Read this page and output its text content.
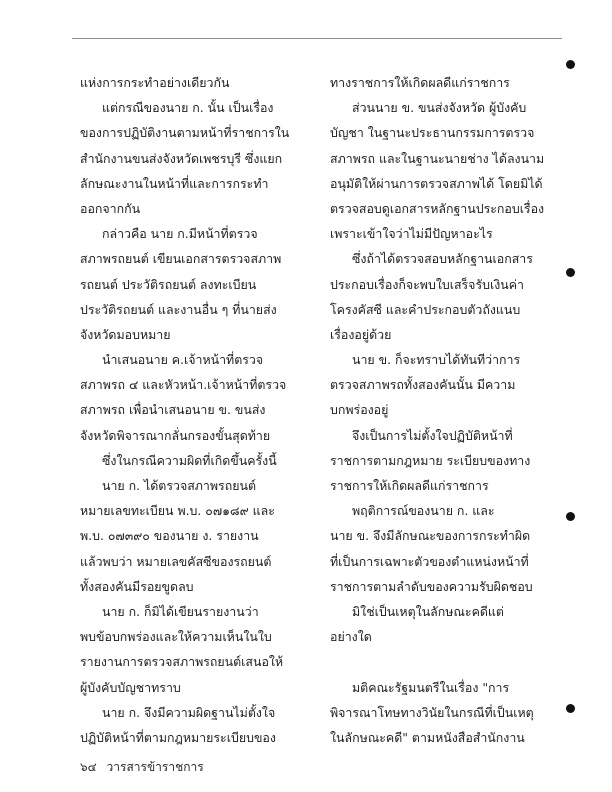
แห่งการกระทำอย่างเดียวกัน
แต่กรณีของนาย ก. นั้น เป็นเรื่อง
ของการปฏิบัติงานตามหน้าที่ราชการใน
สำนักงานขนส่งจังหวัดเพชรบุรี ซึ่งแยก
ลักษณะงานในหน้าที่และการกระทำ
ออกจากกัน
กล่าวคือ นาย ก.มีหน้าที่ตรวจ
สภาพรถยนต์ เขียนเอกสารตรวจสภาพ
รถยนต์ ประวัติรถยนต์ ลงทะเบียน
ประวัติรถยนต์ และงานอื่น ๆ ที่นายส่ง
จังหวัดมอบหมาย
นำเสนอนาย ค.เจ้าหน้าที่ตรวจ
สภาพรถ ๔ และหัวหน้า.เจ้าหน้าที่ตรวจ
สภาพรถ เพื่อนำเสนอนาย ข. ขนส่ง
จังหวัดพิจารณากลั่นกรองขั้นสุดท้าย
ซึ่งในกรณีความผิดที่เกิดขึ้นครั้งนี้
นาย ก. ได้ตรวจสภาพรถยนต์
หมายเลขทะเบียน พ.บ. ๐๗๑๘๙ และ
พ.บ. ๐๗๓๙๐ ของนาย ง. รายงาน
แล้วพบว่า หมายเลขคัสซีของรถยนต์
ทั้งสองคันมีรอยขูดลบ
นาย ก. ก็มิได้เขียนรายงานว่า
พบข้อบกพร่องและให้ความเห็นในใบ
รายงานการตรวจสภาพรถยนต์เสนอให้
ผู้บังคับบัญชาทราบ
นาย ก. จึงมีความผิดฐานไม่ตั้งใจ
ปฏิบัติหน้าที่ตามกฎหมายระเบียบของ
ทางราชการให้เกิดผลดีแก่ราชการ
ส่วนนาย ข. ขนส่งจังหวัด ผู้บังคับ
บัญชา ในฐานะประธานกรรมการตรวจ
สภาพรถ และในฐานะนายช่าง ได้ลงนาม
อนุมัติให้ผ่านการตรวจสภาพได้ โดยมิได้
ตรวจสอบดูเอกสารหลักฐานประกอบเรื่อง
เพราะเข้าใจว่าไม่มีปัญหาอะไร
ซึ่งถ้าได้ตรวจสอบหลักฐานเอกสาร
ประกอบเรื่องก็จะพบใบเสร็จรับเงินค่า
โครงคัสซี และคำประกอบตัวถังแนบ
เรื่องอยู่ด้วย
นาย ข. ก็จะทราบได้ทันทีว่าการ
ตรวจสภาพรถทั้งสองคันนั้น มีความ
บกพร่องอยู่
จึงเป็นการไม่ตั้งใจปฏิบัติหน้าที่
ราชการตามกฎหมาย ระเบียบของทาง
ราชการให้เกิดผลดีแก่ราชการ
พฤติการณ์ของนาย ก. และ
นาย ข. จึงมีลักษณะของการกระทำผิด
ที่เป็นการเฉพาะตัวของตำแหน่งหน้าที่
ราชการตามลำดับของความรับผิดชอบ
มิใช่เป็นเหตุในลักษณะคดีแต่
อย่างใด
มติคณะรัฐมนตรีในเรื่อง "การ
พิจารณาโทษทางวินัยในกรณีที่เป็นเหตุ
ในลักษณะคดี" ตามหนังสือสำนักงาน
๖๔ วารสารข้าราชการ
